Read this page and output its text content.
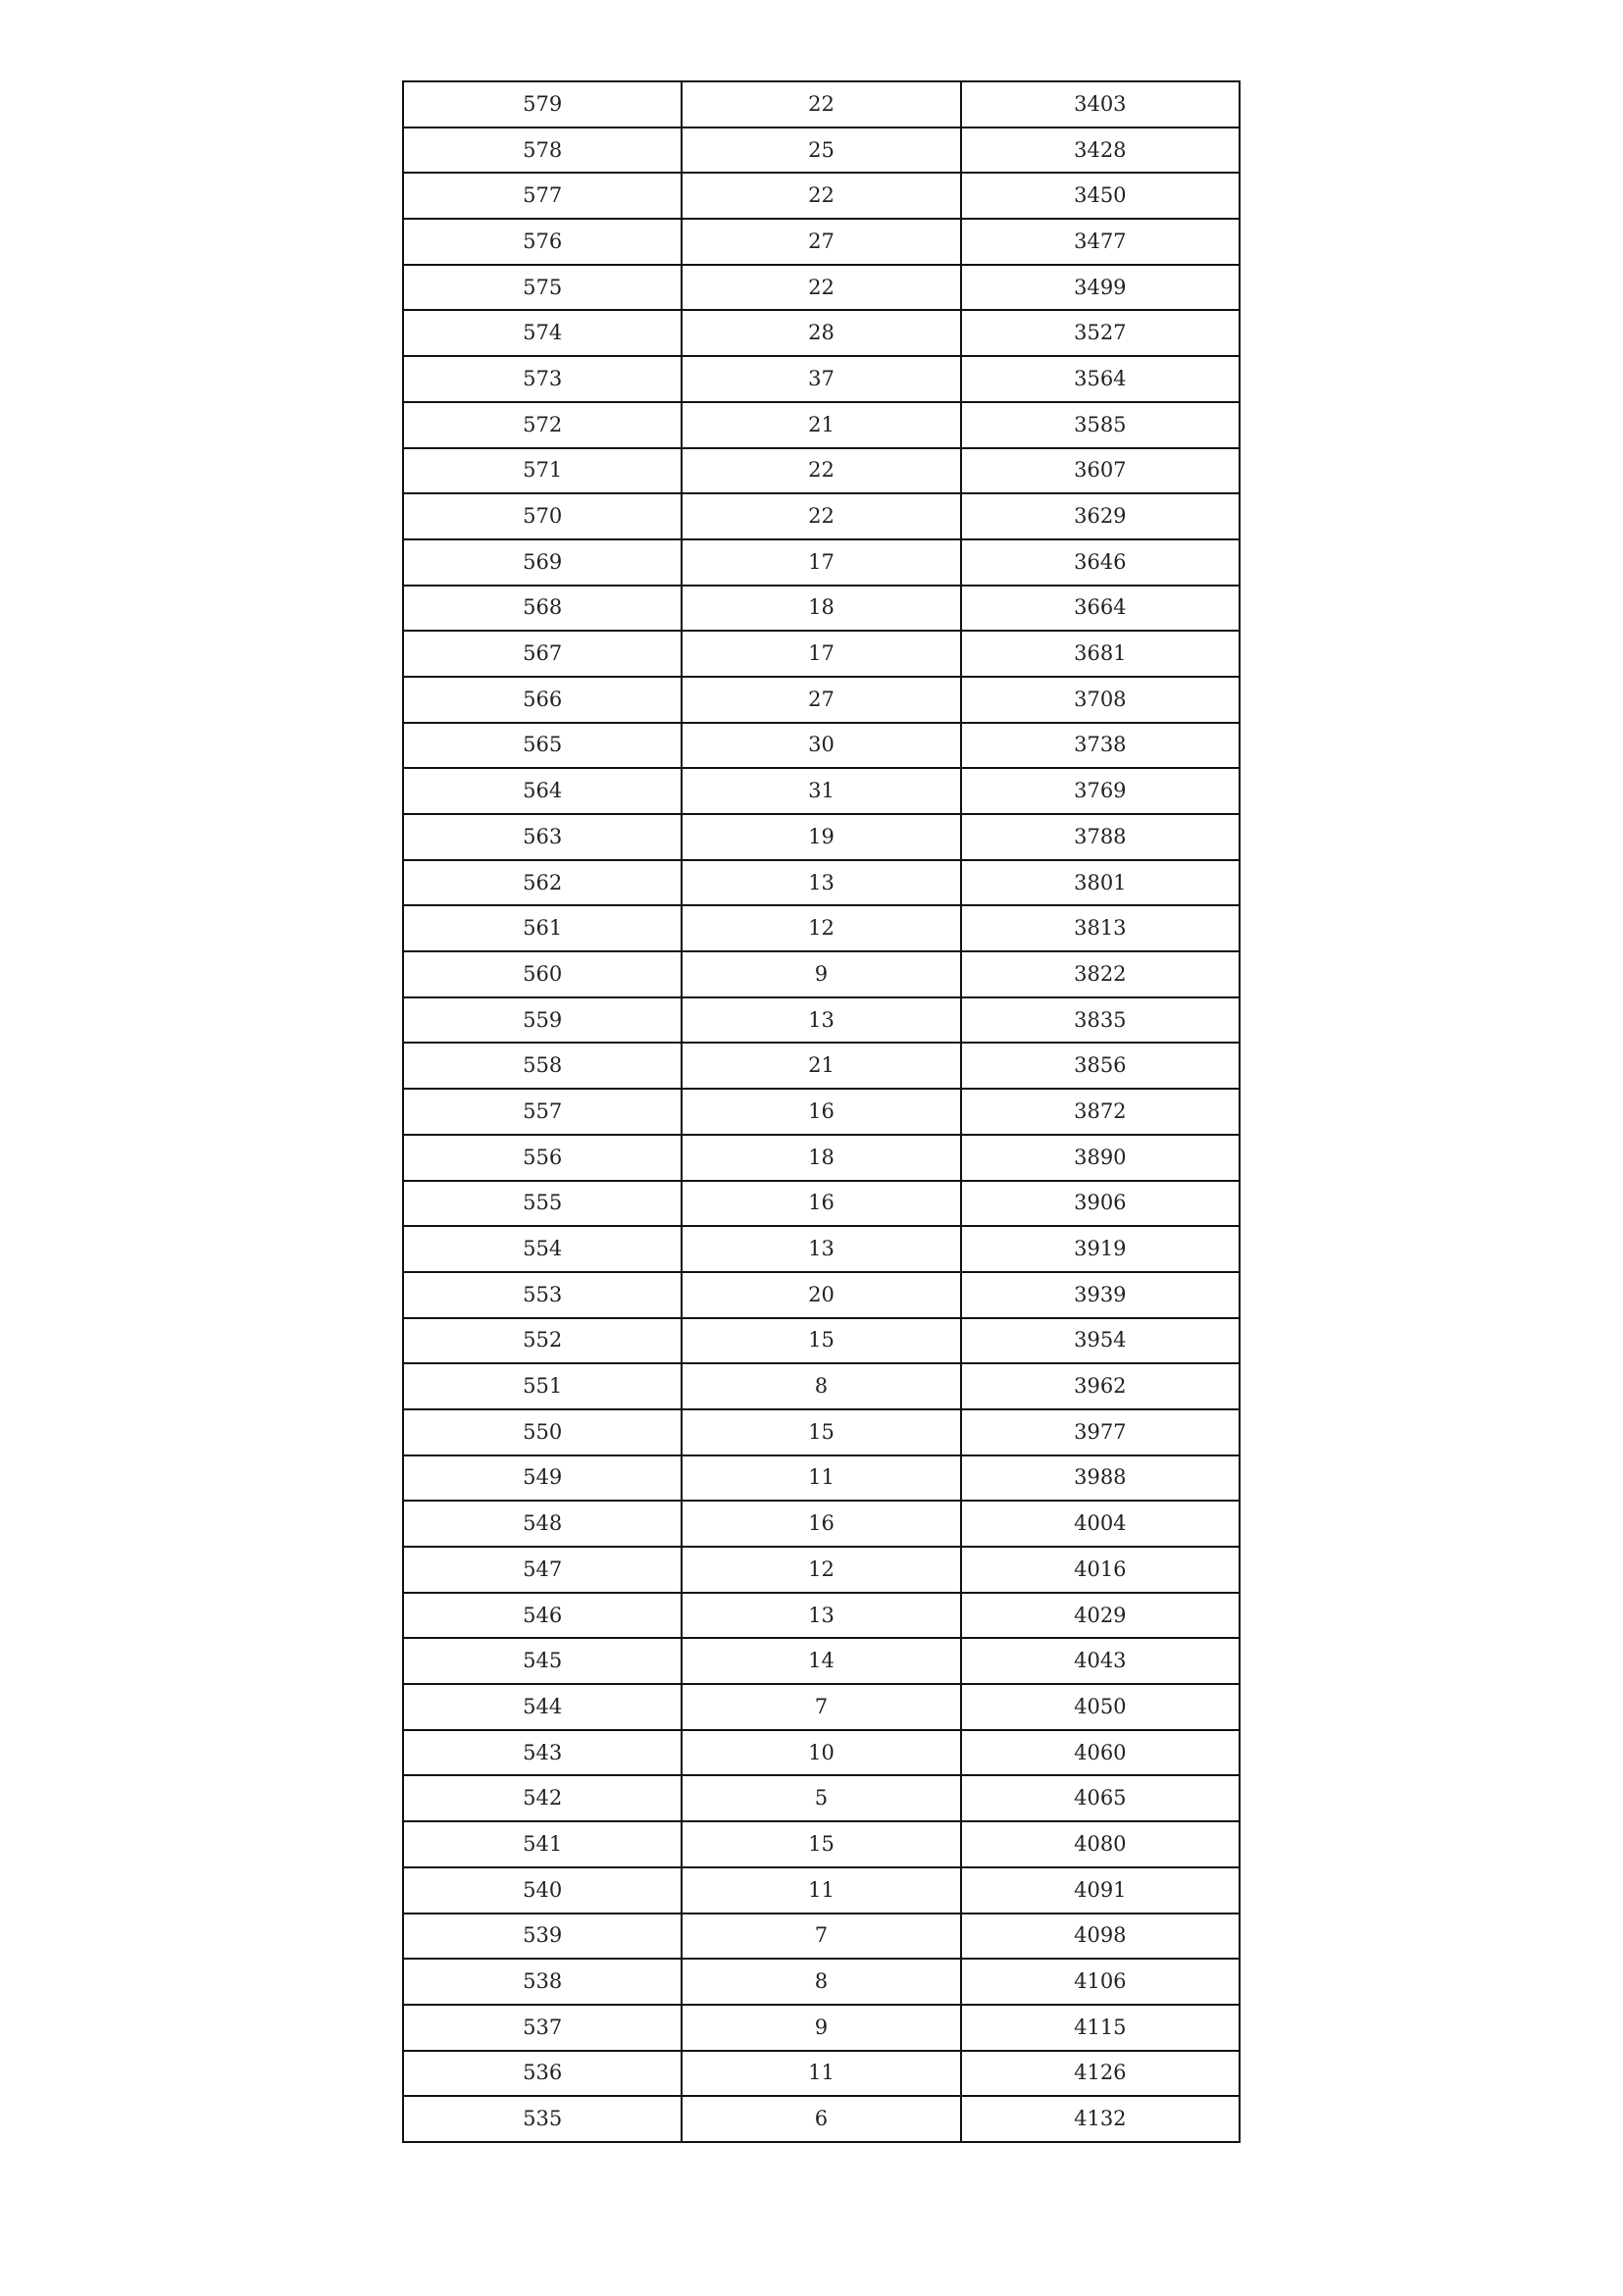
579	22	3403
578	25	3428
577	22	3450
576	27	3477
575	22	3499
574	28	3527
573	37	3564
572	21	3585
571	22	3607
570	22	3629
569	17	3646
568	18	3664
567	17	3681
566	27	3708
565	30	3738
564	31	3769
563	19	3788
562	13	3801
561	12	3813
560	9	3822
559	13	3835
558	21	3856
557	16	3872
556	18	3890
555	16	3906
554	13	3919
553	20	3939
552	15	3954
551	8	3962
550	15	3977
549	11	3988
548	16	4004
547	12	4016
546	13	4029
545	14	4043
544	7	4050
543	10	4060
542	5	4065
541	15	4080
540	11	4091
539	7	4098
538	8	4106
537	9	4115
536	11	4126
535	6	4132
